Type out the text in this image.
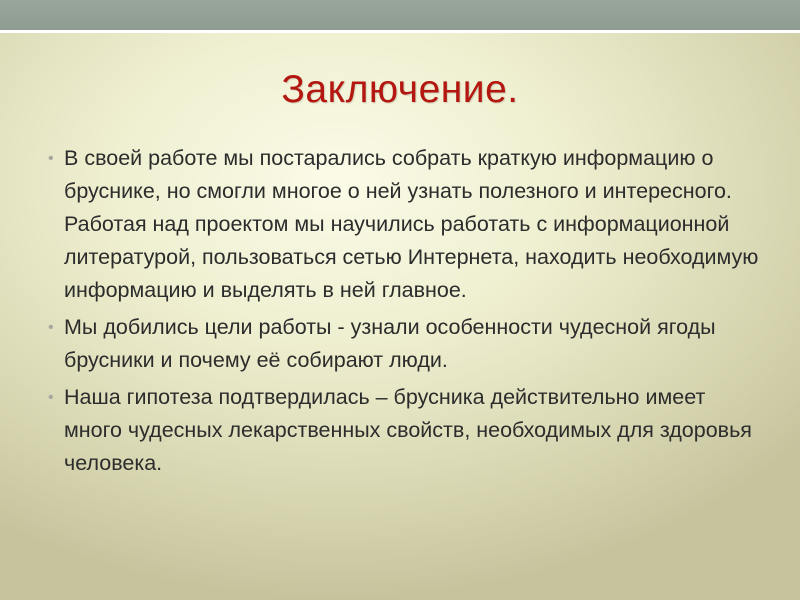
Заключение.
• В своей работе мы постарались собрать краткую информацию о бруснике, но смогли многое о ней узнать полезного и интересного. Работая над проектом мы научились работать с информационной литературой, пользоваться сетью Интернета, находить необходимую информацию и выделять в ней главное.
• Мы добились цели работы - узнали особенности чудесной ягоды брусники и почему её собирают люди.
• Наша гипотеза подтвердилась – брусника действительно имеет много чудесных лекарственных свойств, необходимых для здоровья человека.
